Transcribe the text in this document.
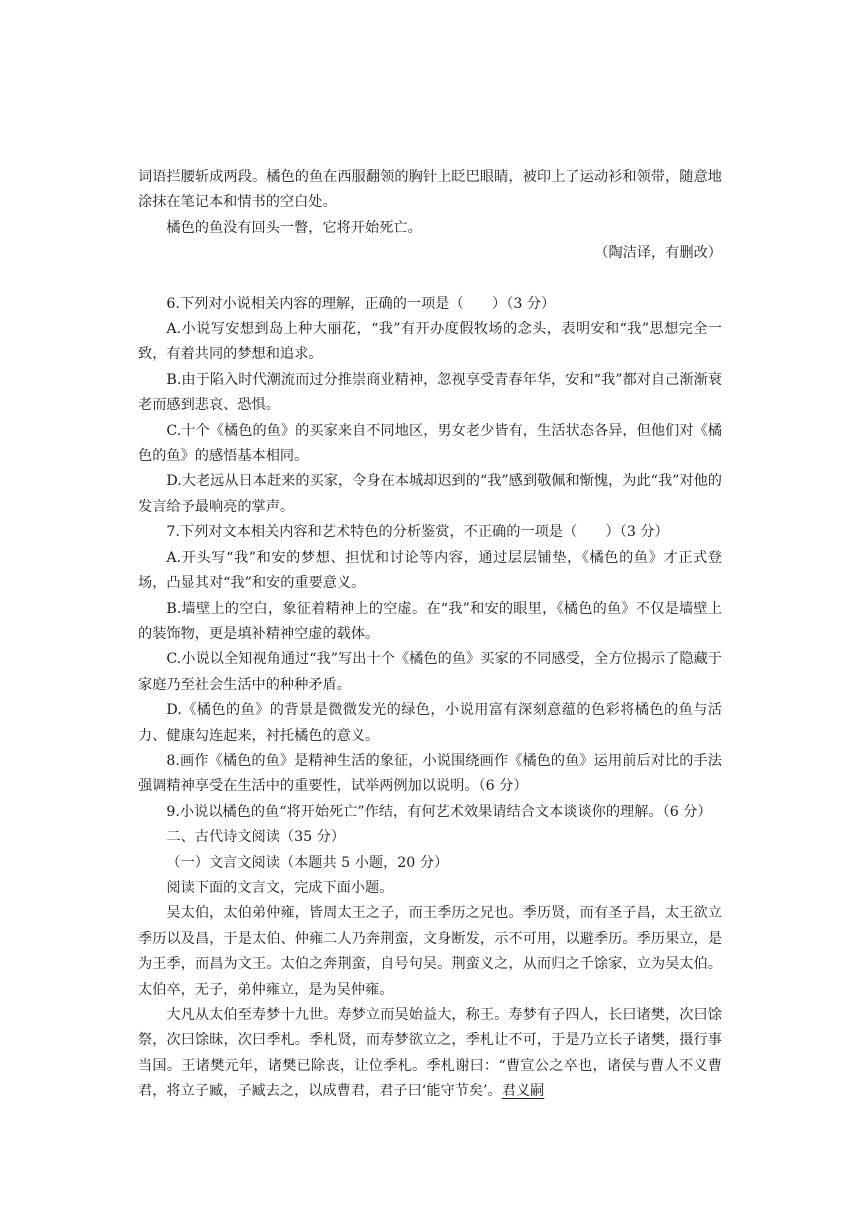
词语拦腰斩成两段。橘色的鱼在西服翻领的胸针上眨巴眼睛，被印上了运动衫和领带，随意地涂抹在笔记本和情书的空白处。

橘色的鱼没有回头一瞥，它将开始死亡。

（陶洁译，有删改）

6.下列对小说相关内容的理解，正确的一项是（　　）（3 分）

A.小说写安想到岛上种大丽花，“我”有开办度假牧场的念头，表明安和“我”思想完全一致，有着共同的梦想和追求。

B.由于陷入时代潮流而过分推崇商业精神，忽视享受青春年华，安和“我”都对自己渐渐衰老而感到悲哀、恐惧。

C.十个《橘色的鱼》的买家来自不同地区，男女老少皆有，生活状态各异，但他们对《橘色的鱼》的感悟基本相同。

D.大老远从日本赶来的买家，令身在本城却迟到的“我”感到敬佩和惭愧，为此“我”对他的发言给予最响亮的掌声。

7.下列对文本相关内容和艺术特色的分析鉴赏，不正确的一项是（　　）（3 分）

A.开头写“我”和安的梦想、担忧和讨论等内容，通过层层铺垫，《橘色的鱼》才正式登场，凸显其对“我”和安的重要意义。

B.墙壁上的空白，象征着精神上的空虚。在“我”和安的眼里，《橘色的鱼》不仅是墙壁上的装饰物，更是填补精神空虚的载体。

C.小说以全知视角通过“我”写出十个《橘色的鱼》买家的不同感受，全方位揭示了隐藏于家庭乃至社会生活中的种种矛盾。

D.《橘色的鱼》的背景是微微发光的绿色，小说用富有深刻意蕴的色彩将橘色的鱼与活力、健康勾连起来，衬托橘色的意义。

8.画作《橘色的鱼》是精神生活的象征，小说围绕画作《橘色的鱼》运用前后对比的手法强调精神享受在生活中的重要性，试举两例加以说明。（6 分）

9.小说以橘色的鱼“将开始死亡”作结，有何艺术效果请结合文本谈谈你的理解。（6 分）

二、古代诗文阅读（35 分）

（一）文言文阅读（本题共 5 小题，20 分）

阅读下面的文言文，完成下面小题。

吴太伯，太伯弟仲雍，皆周太王之子，而王季历之兄也。季历贤，而有圣子昌，太王欲立季历以及昌，于是太伯、仲雍二人乃奔荆蛮，文身断发，示不可用，以避季历。季历果立，是为王季，而昌为文王。太伯之奔荆蛮，自号句吴。荆蛮义之，从而归之千馀家，立为吴太伯。太伯卒，无子，弟仲雍立，是为吴仲雍。

大凡从太伯至寿梦十九世。寿梦立而吴始益大，称王。寿梦有子四人，长曰诸樊，次曰馀祭，次曰馀昧，次曰季札。季札贤，而寿梦欲立之，季札让不可，于是乃立长子诸樊，摄行事当国。王诸樊元年，诸樊已除丧，让位季札。季札谢曰：“曹宣公之卒也，诸侯与曹人不义曹君，将立子臧，子臧去之，以成曹君，君子曰‘能守节矣’。君义嗣
